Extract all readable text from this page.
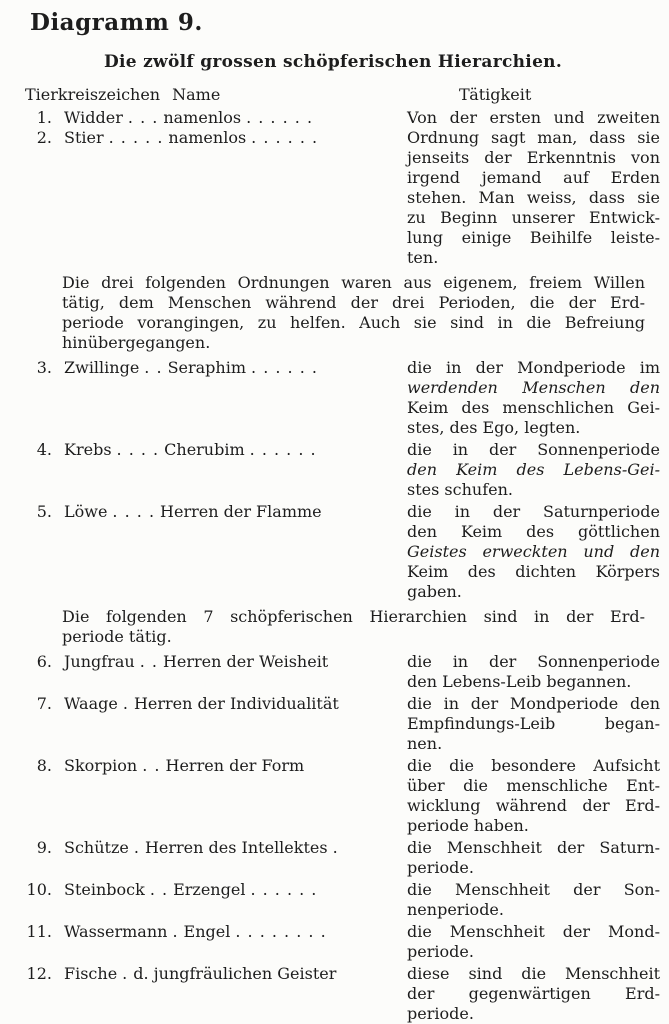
Diagramm 9.
Die zwölf grossen schöpferischen Hierarchien.
Tierkreiszeichen Name	Tätigkeit
1. Widder . . . namenlos . . . . . .
2. Stier . . . . . namenlos . . . . . .
Von der ersten und zweiten
Ordnung sagt man, dass sie
jenseits der Erkenntnis von
irgend jemand auf Erden
stehen. Man weiss, dass sie
zu Beginn unserer Entwick-
lung einige Beihilfe leiste-
ten.
Die drei folgenden Ordnungen waren aus eigenem, freiem Willen
tätig, dem Menschen während der drei Perioden, die der Erd-
periode vorangingen, zu helfen. Auch sie sind in die Befreiung
hinübergegangen.
3. Zwillinge . . Seraphim . . . . . .	die in der Mondperiode im
werdenden Menschen den
Keim des menschlichen Gei-
stes, des Ego, legten.
4. Krebs . . . . Cherubim . . . . . .	die in der Sonnenperiode
den Keim des Lebens-Gei-
stes schufen.
5. Löwe . . . . Herren der Flamme	die in der Saturnperiode
den Keim des göttlichen
Geistes erweckten und den
Keim des dichten Körpers
gaben.
Die folgenden 7 schöpferischen Hierarchien sind in der Erd-
periode tätig.
6. Jungfrau . . Herren der Weisheit	die in der Sonnenperiode
den Lebens-Leib begannen.
7. Waage . Herren der Individualität	die in der Mondperiode den
Empfindungs-Leib began-
nen.
8. Skorpion . . Herren der Form	die die besondere Aufsicht
über die menschliche Ent-
wicklung während der Erd-
periode haben.
9. Schütze . Herren des Intellektes .	die Menschheit der Saturn-
periode.
10. Steinbock . . Erzengel . . . . . .	die Menschheit der Son-
nenperiode.
11. Wassermann . Engel . . . . . . . .	die Menschheit der Mond-
periode.
12. Fische . d. jungfräulichen Geister	diese sind die Menschheit
der gegenwärtigen Erd-
periode.
